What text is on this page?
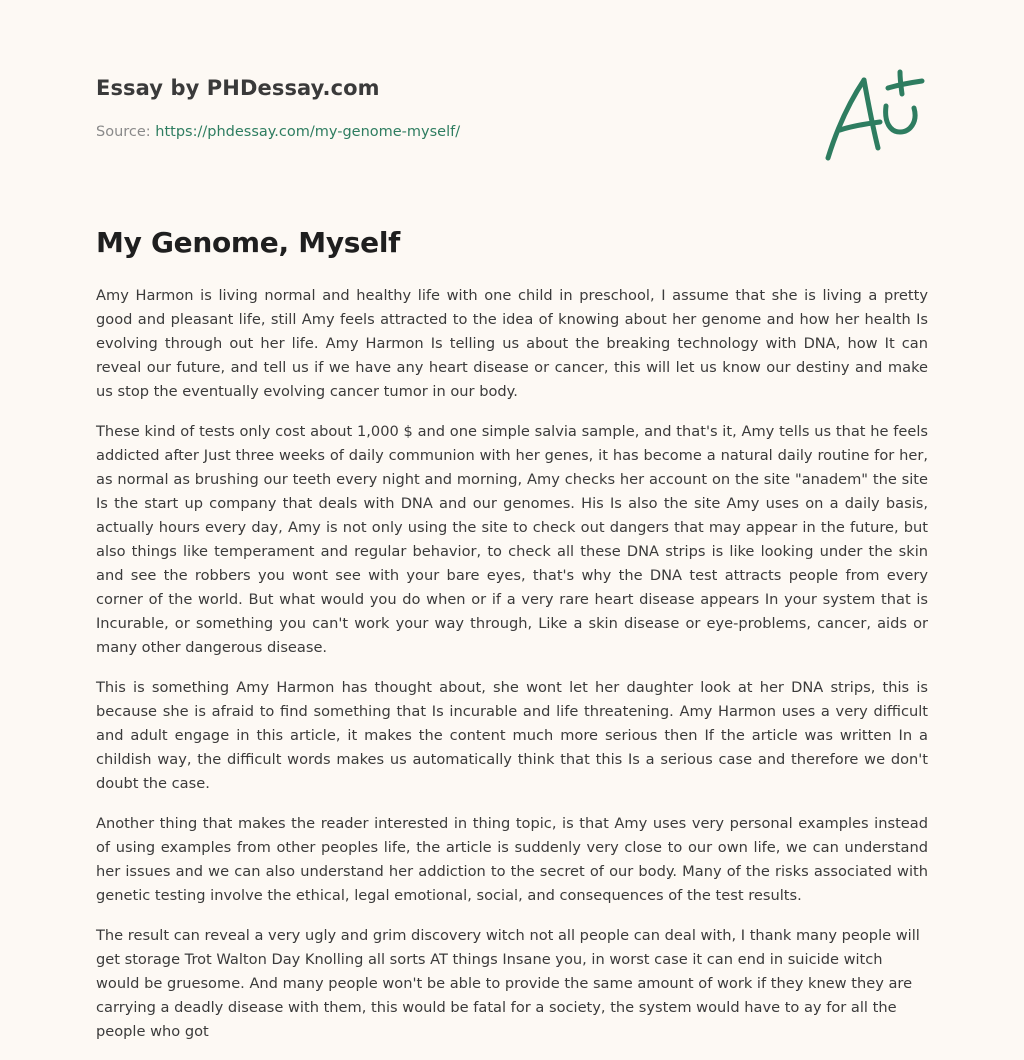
Essay by PHDessay.com
Source: https://phdessay.com/my-genome-myself/
My Genome, Myself

Amy Harmon is living normal and healthy life with one child in preschool, I assume that she is living a pretty good and pleasant life, still Amy feels attracted to the idea of knowing about her genome and how her health Is evolving through out her life. Amy Harmon Is telling us about the breaking technology with DNA, how It can reveal our future, and tell us if we have any heart disease or cancer, this will let us know our destiny and make us stop the eventually evolving cancer tumor in our body.

These kind of tests only cost about 1,000 $ and one simple salvia sample, and that's it, Amy tells us that he feels addicted after Just three weeks of daily communion with her genes, it has become a natural daily routine for her, as normal as brushing our teeth every night and morning, Amy checks her account on the site "anadem" the site Is the start up company that deals with DNA and our genomes. His Is also the site Amy uses on a daily basis, actually hours every day, Amy is not only using the site to check out dangers that may appear in the future, but also things like temperament and regular behavior, to check all these DNA strips is like looking under the skin and see the robbers you wont see with your bare eyes, that's why the DNA test attracts people from every corner of the world. But what would you do when or if a very rare heart disease appears In your system that is Incurable, or something you can't work your way through, Like a skin disease or eye-problems, cancer, aids or many other dangerous disease.

This is something Amy Harmon has thought about, she wont let her daughter look at her DNA strips, this is because she is afraid to find something that Is incurable and life threatening. Amy Harmon uses a very difficult and adult engage in this article, it makes the content much more serious then If the article was written In a childish way, the difficult words makes us automatically think that this Is a serious case and therefore we don't doubt the case.

Another thing that makes the reader interested in thing topic, is that Amy uses very personal examples instead of using examples from other peoples life, the article is suddenly very close to our own life, we can understand her issues and we can also understand her addiction to the secret of our body. Many of the risks associated with genetic testing involve the ethical, legal emotional, social, and consequences of the test results.

The result can reveal a very ugly and grim discovery witch not all people can deal with, I thank many people will get storage Trot Walton Day Knolling all sorts AT things Insane you, in worst case it can end in suicide witch would be gruesome. And many people won't be able to provide the same amount of work if they knew they are carrying a deadly disease with them, this would be fatal for a society, the system would have to ay for all the people who got
